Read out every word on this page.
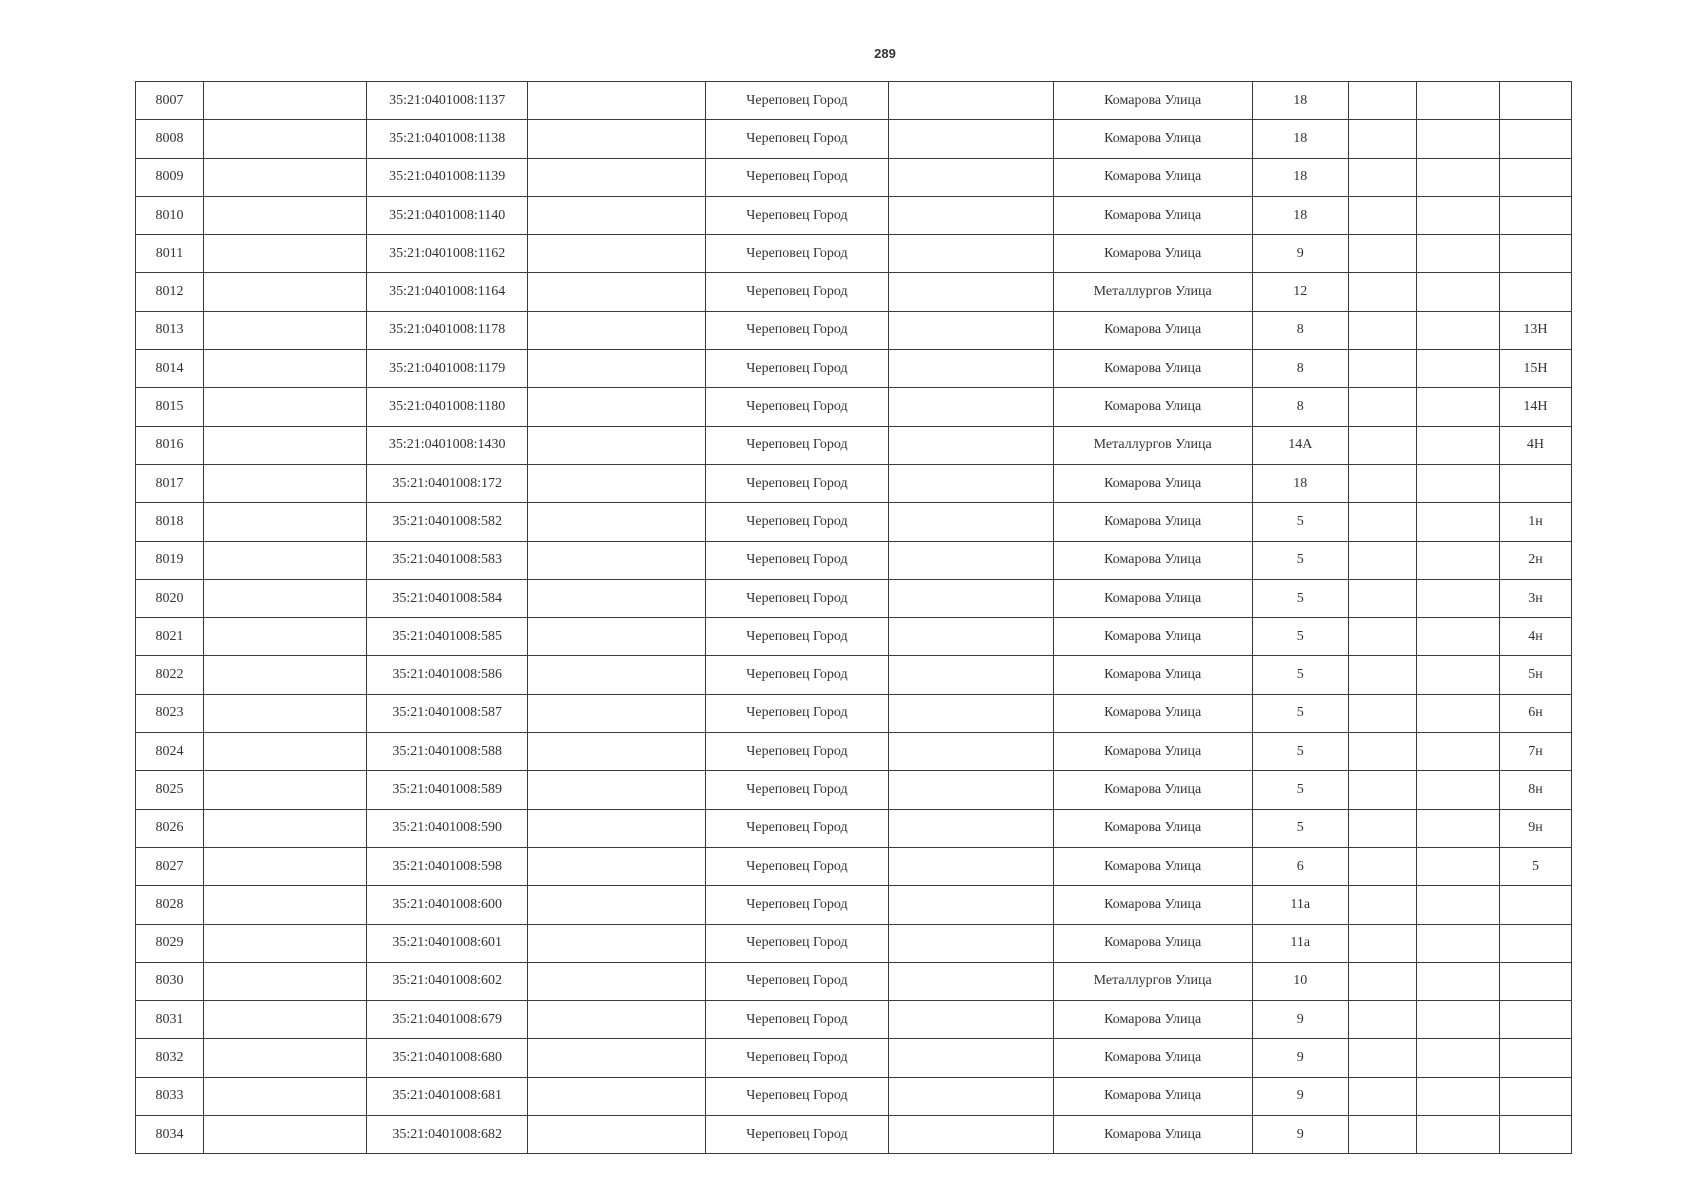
289
8007		35:21:0401008:1137		Череповец Город		Комарова Улица	18			
8008		35:21:0401008:1138		Череповец Город		Комарова Улица	18			
8009		35:21:0401008:1139		Череповец Город		Комарова Улица	18			
8010		35:21:0401008:1140		Череповец Город		Комарова Улица	18			
8011		35:21:0401008:1162		Череповец Город		Комарова Улица	9			
8012		35:21:0401008:1164		Череповец Город		Металлургов Улица	12			
8013		35:21:0401008:1178		Череповец Город		Комарова Улица	8			13Н
8014		35:21:0401008:1179		Череповец Город		Комарова Улица	8			15Н
8015		35:21:0401008:1180		Череповец Город		Комарова Улица	8			14Н
8016		35:21:0401008:1430		Череповец Город		Металлургов Улица	14А			4Н
8017		35:21:0401008:172		Череповец Город		Комарова Улица	18			
8018		35:21:0401008:582		Череповец Город		Комарова Улица	5			1н
8019		35:21:0401008:583		Череповец Город		Комарова Улица	5			2н
8020		35:21:0401008:584		Череповец Город		Комарова Улица	5			3н
8021		35:21:0401008:585		Череповец Город		Комарова Улица	5			4н
8022		35:21:0401008:586		Череповец Город		Комарова Улица	5			5н
8023		35:21:0401008:587		Череповец Город		Комарова Улица	5			6н
8024		35:21:0401008:588		Череповец Город		Комарова Улица	5			7н
8025		35:21:0401008:589		Череповец Город		Комарова Улица	5			8н
8026		35:21:0401008:590		Череповец Город		Комарова Улица	5			9н
8027		35:21:0401008:598		Череповец Город		Комарова Улица	6			5
8028		35:21:0401008:600		Череповец Город		Комарова Улица	11а			
8029		35:21:0401008:601		Череповец Город		Комарова Улица	11а			
8030		35:21:0401008:602		Череповец Город		Металлургов Улица	10			
8031		35:21:0401008:679		Череповец Город		Комарова Улица	9			
8032		35:21:0401008:680		Череповец Город		Комарова Улица	9			
8033		35:21:0401008:681		Череповец Город		Комарова Улица	9			
8034		35:21:0401008:682		Череповец Город		Комарова Улица	9			
